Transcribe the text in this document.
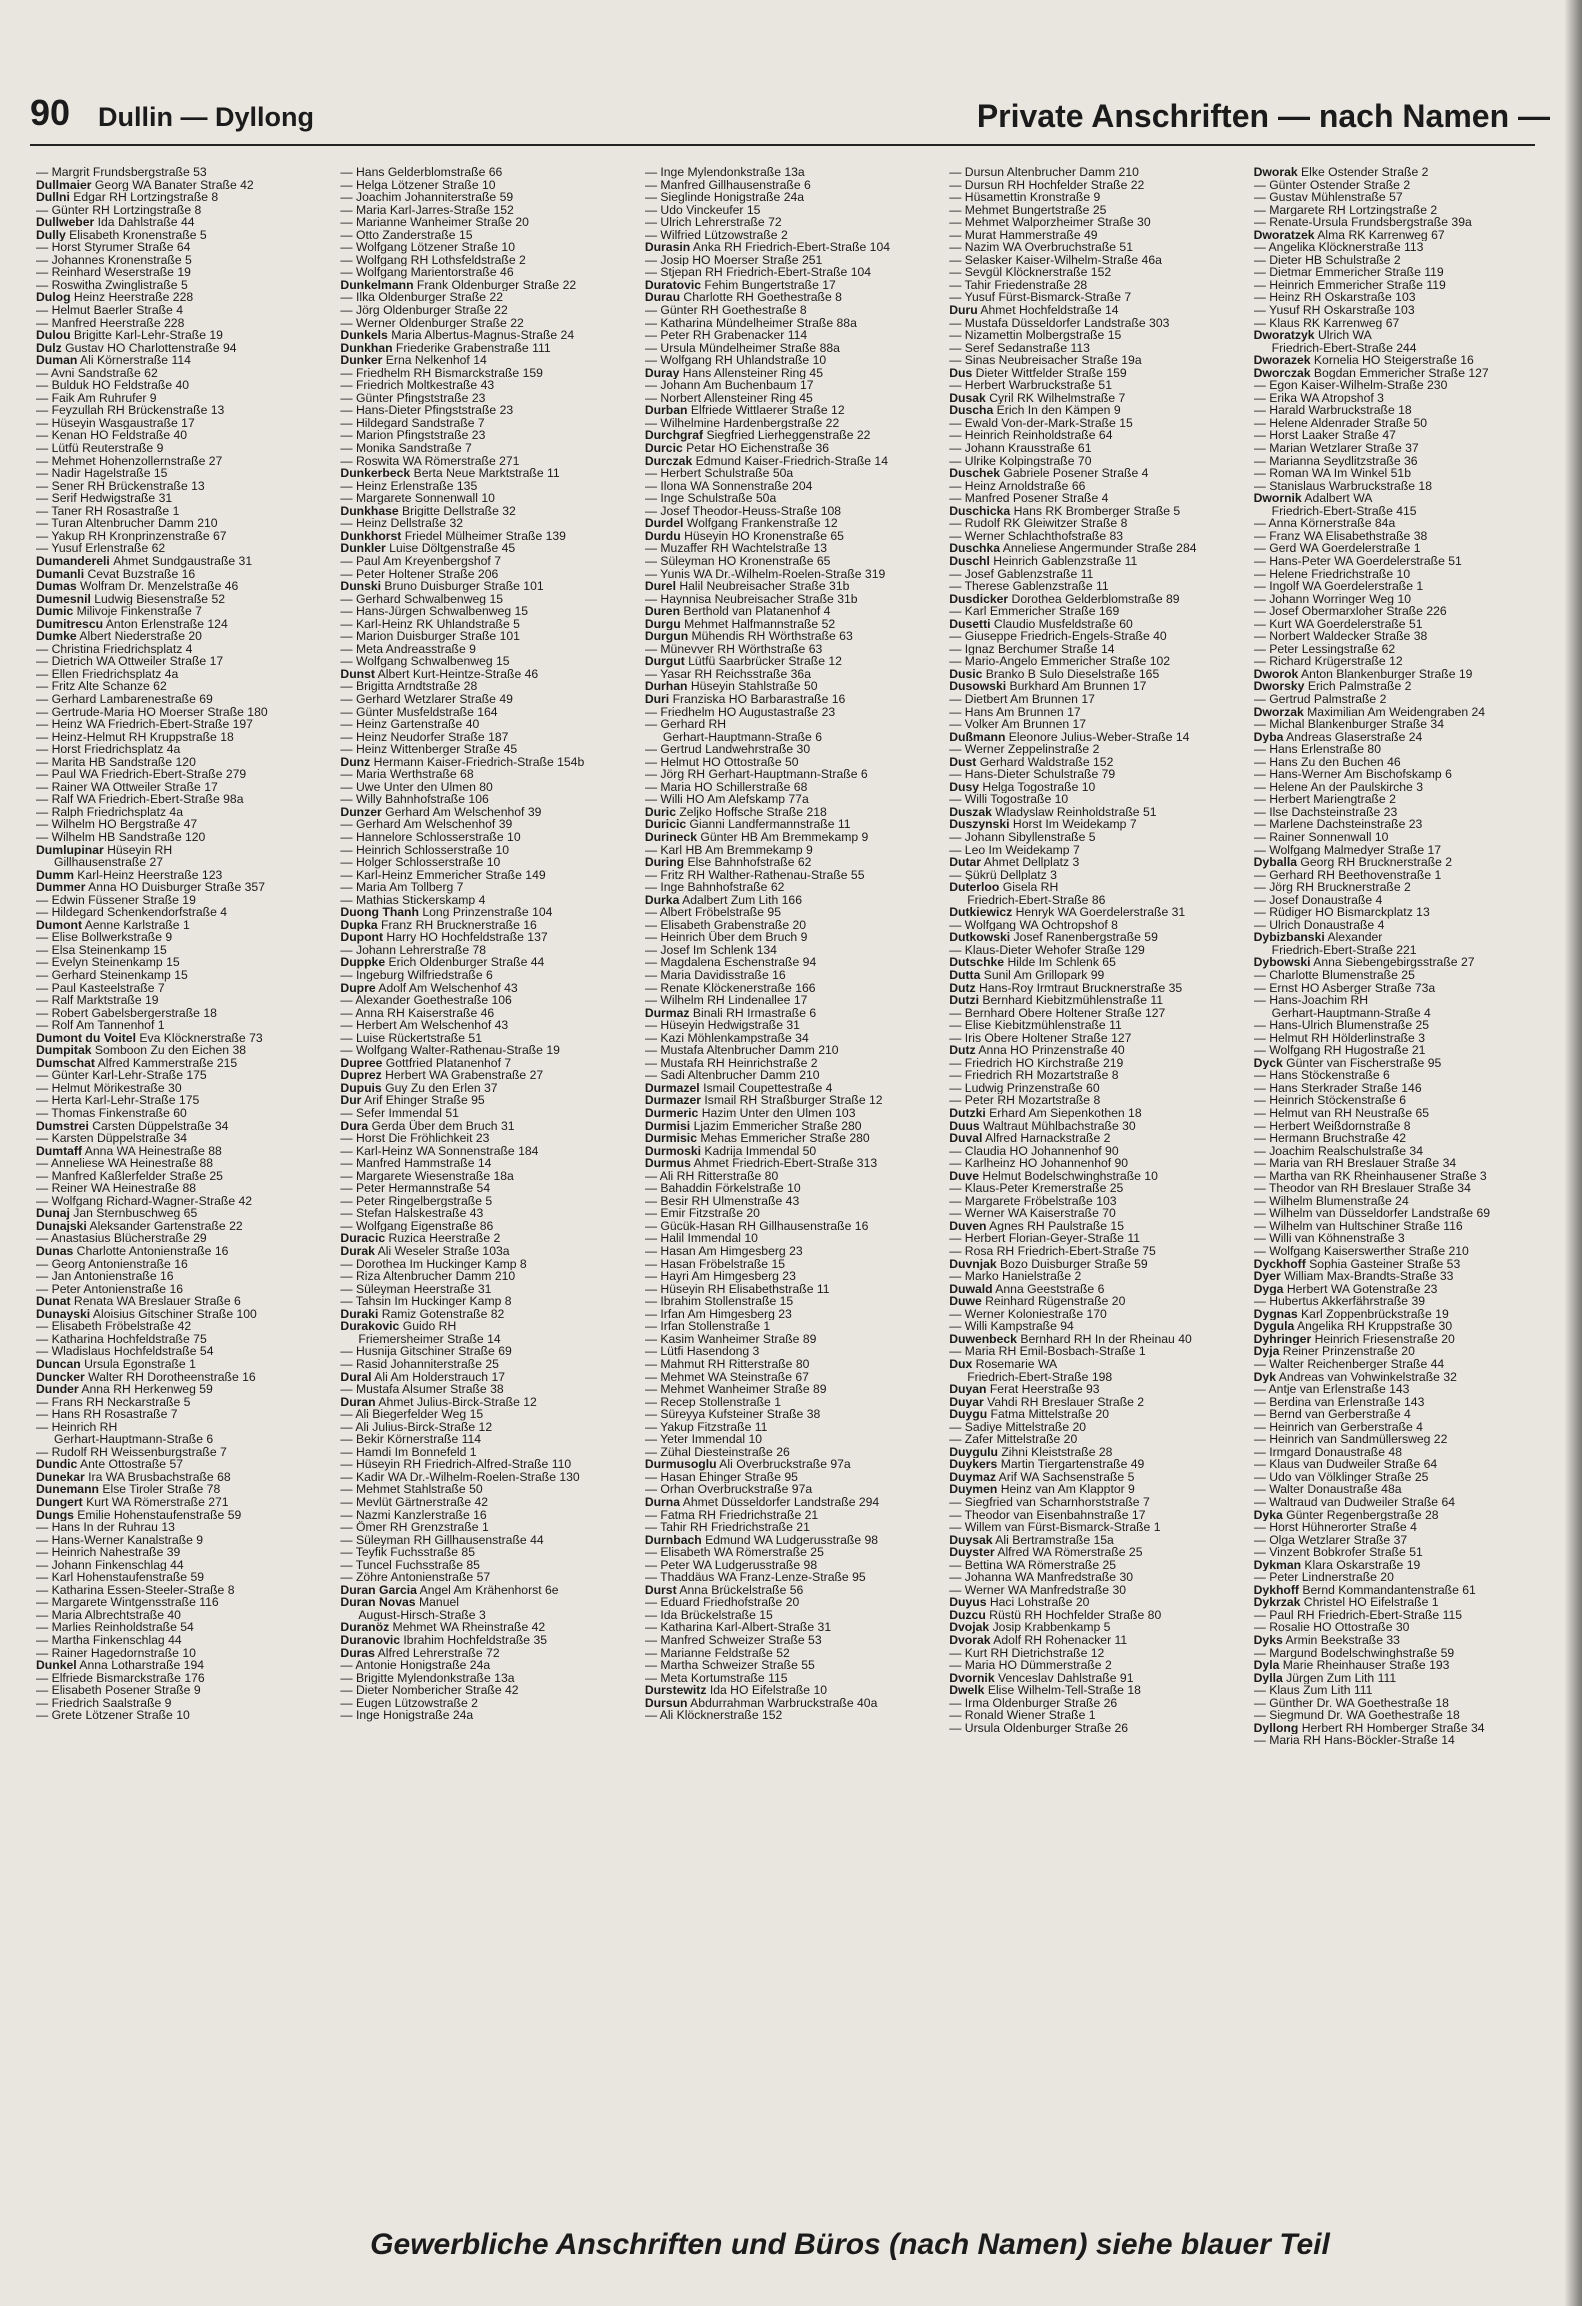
90 Dullin — Dyllong	Private Anschriften — nach Namen —
— Margrit Frundsbergstraße 53
Dullmaier Georg WA Banater Straße 42
Dullni Edgar RH Lortzingstraße 8
— Günter RH Lortzingstraße 8
Dullweber Ida Dahlstraße 44
Dully Elisabeth Kronenstraße 5
— Horst Styrumer Straße 64
— Johannes Kronenstraße 5
— Reinhard Weserstraße 19
— Roswitha Zwinglistraße 5
Dulog Heinz Heerstraße 228
— Helmut Baerler Straße 4
— Manfred Heerstraße 228
Dulou Brigitte Karl-Lehr-Straße 19
Dulz Gustav HO Charlottenstraße 94
Duman Ali Körnerstraße 114
— Avni Sandstraße 62
— Bulduk HO Feldstraße 40
— Faik Am Ruhrufer 9
— Feyzullah RH Brückenstraße 13
— Hüseyin Wasgaustraße 17
— Kenan HO Feldstraße 40
— Lütfü Reuterstraße 9
— Mehmet Hohenzollernstraße 27
— Nadir Hagelstraße 15
— Sener RH Brückenstraße 13
— Serif Hedwigstraße 31
— Taner RH Rosastraße 1
— Turan Altenbrucher Damm 210
— Yakup RH Kronprinzenstraße 67
— Yusuf Erlenstraße 62
Dumanderelі Ahmet Sundgaustraße 31
Dumanli Cevat Buzstraße 16
Dumas Wolfram Dr. Menzelstraße 46
Dumesnil Ludwig Biesenstraße 52
Dumic Milivoje Finkenstraße 7
Dumitrescu Anton Erlenstraße 124
Dumke Albert Niederstraße 20
— Christina Friedrichsplatz 4
— Dietrich WA Ottweiler Straße 17
— Ellen Friedrichsplatz 4a
— Fritz Alte Schanze 62
— Gerhard Lambarenestraße 69
— Gertrude-Maria HO Moerser Straße 180
— Heinz WA Friedrich-Ebert-Straße 197
— Heinz-Helmut RH Kruppstraße 18
— Horst Friedrichsplatz 4a
— Marita HB Sandstraße 120
— Paul WA Friedrich-Ebert-Straße 279
— Rainer WA Ottweiler Straße 17
— Ralf WA Friedrich-Ebert-Straße 98a
— Ralph Friedrichsplatz 4a
— Wilhelm HO Bergstraße 47
— Wilhelm HB Sandstraße 120
Dumlupinar Hüseyin RH
Gillhausenstraße 27
Dumm Karl-Heinz Heerstraße 123
Dummer Anna HO Duisburger Straße 357
— Edwin Füssener Straße 19
— Hildegard Schenkendorfstraße 4
Dumont Aenne Karlstraße 1
— Elise Bollwerkstraße 9
— Elsa Steinenkamp 15
— Evelyn Steinenkamp 15
— Gerhard Steinenkamp 15
— Paul Kasteelstraße 7
— Ralf Marktstraße 19
— Robert Gabelsbergerstraße 18
— Rolf Am Tannenhof 1
Dumont du Voitel Eva Klöcknerstraße 73
Dumpitak Somboon Zu den Eichen 38
Dumschat Alfred Kammerstraße 215
— Günter Karl-Lehr-Straße 175
— Helmut Mörikestraße 30
— Herta Karl-Lehr-Straße 175
— Thomas Finkenstraße 60
Dumstrei Carsten Düppelstraße 34
— Karsten Düppelstraße 34
Dumtaff Anna WA Heinestraße 88
— Anneliese WA Heinestraße 88
— Manfred Kaßlerfelder Straße 25
— Reiner WA Heinestraße 88
— Wolfgang Richard-Wagner-Straße 42
Dunaj Jan Sternbuschweg 65
Dunajski Aleksander Gartenstraße 22
— Anastasius Blücherstraße 29
Dunas Charlotte Antonienstraße 16
— Georg Antonienstraße 16
— Jan Antonienstraße 16
— Peter Antonienstraße 16
Dunat Renata WA Breslauer Straße 6
Dunayski Aloisius Gitschiner Straße 100
— Elisabeth Fröbelstraße 42
— Katharina Hochfeldstraße 75
— Wladislaus Hochfeldstraße 54
Duncan Ursula Egonstraße 1
Duncker Walter RH Dorotheenstraße 16
Dunder Anna RH Herkenweg 59
— Frans RH Neckarstraße 5
— Hans RH Rosastraße 7
— Heinrich RH
Gerhart-Hauptmann-Straße 6
— Rudolf RH Weissenburgstraße 7
Dundic Ante Ottostraße 57
Dunekar Ira WA Brusbachstraße 68
Dunemann Else Tiroler Straße 78
Dungert Kurt WA Römerstraße 271
Dungs Emilie Hohenstaufenstraße 59
— Hans In der Ruhrau 13
— Hans-Werner Kanalstraße 9
— Heinrich Nahestraße 39
— Johann Finkenschlag 44
— Karl Hohenstaufenstraße 59
— Katharina Essen-Steeler-Straße 8
— Margarete Wintgensstraße 116
— Maria Albrechtstraße 40
— Marlies Reinholdstraße 54
— Martha Finkenschlag 44
— Rainer Hagedornstraße 10
Dunkel Anna Lotharstraße 194
— Elfriede Bismarckstraße 176
— Elisabeth Posener Straße 9
— Friedrich Saalstraße 9
— Grete Lötzener Straße 10
— Hans Gelderblomstraße 66
— Helga Lötzener Straße 10
— Joachim Johanniterstraße 59
— Maria Karl-Jarres-Straße 152
— Marianne Wanheimer Straße 20
— Otto Zanderstraße 15
— Wolfgang Lötzener Straße 10
— Wolfgang RH Lothsfeldstraße 2
— Wolfgang Marientorstraße 46
Dunkelmann Frank Oldenburger Straße 22
— Ilka Oldenburger Straße 22
— Jörg Oldenburger Straße 22
— Werner Oldenburger Straße 22
Dunkels Maria Albertus-Magnus-Straße 24
Dunkhan Friederike Grabenstraße 111
Dunker Erna Nelkenhof 14
— Friedhelm RH Bismarckstraße 159
— Friedrich Moltkestraße 43
— Günter Pfingststraße 23
— Hans-Dieter Pfingststraße 23
— Hildegard Sandstraße 7
— Marion Pfingststraße 23
— Monika Sandstraße 7
— Roswita WA Römerstraße 271
Dunkerbeck Berta Neue Marktstraße 11
— Heinz Erlenstraße 135
— Margarete Sonnenwall 10
Dunkhase Brigitte Dellstraße 32
— Heinz Dellstraße 32
Dunkhorst Friedel Mülheimer Straße 139
Dunkler Luise Döltgenstraße 45
— Paul Am Kreyenbergshof 7
— Peter Holtener Straße 206
Dunski Bruno Duisburger Straße 101
— Gerhard Schwalbenweg 15
— Hans-Jürgen Schwalbenweg 15
— Karl-Heinz RK Uhlandstraße 5
— Marion Duisburger Straße 101
— Meta Andreasstraße 9
— Wolfgang Schwalbenweg 15
Dunst Albert Kurt-Heintze-Straße 46
— Brigitta Arndtstraße 28
— Gerhard Wetzlarer Straße 49
— Günter Musfeldstraße 164
— Heinz Gartenstraße 40
— Heinz Neudorfer Straße 187
— Heinz Wittenberger Straße 45
Dunz Hermann Kaiser-Friedrich-Straße 154b
— Maria Werthstraße 68
— Uwe Unter den Ulmen 80
— Willy Bahnhofstraße 106
Dunzer Gerhard Am Welschenhof 39
— Gerhard Am Welschenhof 39
— Hannelore Schlosserstraße 10
— Heinrich Schlosserstraße 10
— Holger Schlosserstraße 10
— Karl-Heinz Emmericher Straße 149
— Maria Am Tollberg 7
— Mathias Stickerskamp 4
Duong Thanh Long Prinzenstraße 104
Dupka Franz RH Brucknerstraße 16
Dupont Harry HO Hochfeldstraße 137
— Johann Lehrerstraße 78
Duppke Erich Oldenburger Straße 44
— Ingeburg Wilfriedstraße 6
Dupre Adolf Am Welschenhof 43
— Alexander Goethestraße 106
— Anna RH Kaiserstraße 46
— Herbert Am Welschenhof 43
— Luise Rückertstraße 51
— Wolfgang Walter-Rathenau-Straße 19
Dupree Gottfried Platanenhof 7
Duprez Herbert WA Grabenstraße 27
Dupuis Guy Zu den Erlen 37
Dur Arif Ehinger Straße 95
— Sefer Immendal 51
Dura Gerda Über dem Bruch 31
— Horst Die Fröhlichkeit 23
— Karl-Heinz WA Sonnenstraße 184
— Manfred Hammstraße 14
— Margarete Wiesenstraße 18a
— Peter Hermannstraße 54
— Peter Ringelbergstraße 5
— Stefan Halskestraße 43
— Wolfgang Eigenstraße 86
Duracic Ruzica Heerstraße 2
Durak Ali Weseler Straße 103a
— Dorothea Im Huckinger Kamp 8
— Riza Altenbrucher Damm 210
— Süleyman Heerstraße 31
— Tahsin Im Huckinger Kamp 8
Duraki Ramiz Gotenstraße 82
Durakovic Guido RH
Friemersheimer Straße 14
— Husnija Gitschiner Straße 69
— Rasid Johanniterstraße 25
Dural Ali Am Holderstrauch 17
— Mustafa Alsumer Straße 38
Duran Ahmet Julius-Birck-Straße 12
— Ali Biegerfelder Weg 15
— Ali Julius-Birck-Straße 12
— Bekir Körnerstraße 114
— Hamdi Im Bonnefeld 1
— Hüseyin RH Friedrich-Alfred-Straße 110
— Kadir WA Dr.-Wilhelm-Roelen-Straße 130
— Mehmet Stahlstraße 50
— Mevlüt Gärtnerstraße 42
— Nazmi Kanzlerstraße 16
— Ömer RH Grenzstraße 1
— Süleyman RH Gillhausenstraße 44
— Teyfik Fuchsstraße 85
— Tuncel Fuchsstraße 85
— Zöhre Antonienstraße 57
Duran Garcia Angel Am Krähenhorst 6e
Duran Novas Manuel
August-Hirsch-Straße 3
Duranöz Mehmet WA Rheinstraße 42
Duranovic Ibrahim Hochfeldstraße 35
Duras Alfred Lehrerstraße 72
— Antonie Honigstraße 24a
— Brigitte Mylendonkstraße 13a
— Dieter Nombericher Straße 42
— Eugen Lützowstraße 2
— Inge Honigstraße 24a
— Inge Mylendonkstraße 13a
— Manfred Gillhausenstraße 6
— Sieglinde Honigstraße 24a
— Udo Vinckeufer 15
— Ulrich Lehrerstraße 72
— Wilfried Lützowstraße 2
Durasin Anka RH Friedrich-Ebert-Straße 104
— Josip HO Moerser Straße 251
— Stjepan RH Friedrich-Ebert-Straße 104
Duratovic Fehim Bungertstraße 17
Durau Charlotte RH Goethestraße 8
— Günter RH Goethestraße 8
— Katharina Mündelheimer Straße 88a
— Peter RH Grabenacker 114
— Ursula Mündelheimer Straße 88a
— Wolfgang RH Uhlandstraße 10
Duray Hans Allensteiner Ring 45
— Johann Am Buchenbaum 17
— Norbert Allensteiner Ring 45
Durban Elfriede Wittlaerer Straße 12
— Wilhelmine Hardenbergstraße 22
Durchgraf Siegfried Lierheggenstraße 22
Durcic Petar HO Eichenstraße 36
Durczak Edmund Kaiser-Friedrich-Straße 14
— Herbert Schulstraße 50a
— Ilona WA Sonnenstraße 204
— Inge Schulstraße 50a
— Josef Theodor-Heuss-Straße 108
Durdel Wolfgang Frankenstraße 12
Durdu Hüseyin HO Kronenstraße 65
— Muzaffer RH Wachtelstraße 13
— Süleyman HO Kronenstraße 65
— Yunis WA Dr.-Wilhelm-Roelen-Straße 319
Durel Halil Neubreisacher Straße 31b
— Haynnisa Neubreisacher Straße 31b
Duren Berthold van Platanenhof 4
Durgu Mehmet Halfmannstraße 52
Durgun Mühendis RH Wörthstraße 63
— Münevver RH Wörthstraße 63
Durgut Lütfü Saarbrücker Straße 12
— Yasar RH Reichsstraße 36a
Durhan Hüseyin Stahlstraße 50
Duri Franziska HO Barbarastraße 16
— Friedhelm HO Augustastraße 23
— Gerhard RH
Gerhart-Hauptmann-Straße 6
— Gertrud Landwehrstraße 30
— Helmut HO Ottostraße 50
— Jörg RH Gerhart-Hauptmann-Straße 6
— Maria HO Schillerstraße 68
— Willi HO Am Alefskamp 77a
Duric Zeljko Hoffsche Straße 218
Duricic Gianni Landfermannstraße 11
Durineck Günter HB Am Bremmekamp 9
— Karl HB Am Bremmekamp 9
During Else Bahnhofstraße 62
— Fritz RH Walther-Rathenau-Straße 55
— Inge Bahnhofstraße 62
Durka Adalbert Zum Lith 166
— Albert Fröbelstraße 95
— Elisabeth Grabenstraße 20
— Heinrich Über dem Bruch 9
— Josef Im Schlenk 134
— Magdalena Eschenstraße 94
— Maria Davidisstraße 16
— Renate Klöckenerstraße 166
— Wilhelm RH Lindenallee 17
Durmaz Binali RH Irmastraße 6
— Hüseyin Hedwigstraße 31
— Kazi Möhlenkampstraße 34
— Mustafa Altenbrucher Damm 210
— Mustafa RH Heinrichstraße 2
— Sadi Altenbrucher Damm 210
Durmazel Ismail Coupettestraße 4
Durmazer Ismail RH Straßburger Straße 12
Durmeric Hazim Unter den Ulmen 103
Durmisi Ljazim Emmericher Straße 280
Durmisic Mehas Emmericher Straße 280
Durmoski Kadrija Immendal 50
Durmus Ahmet Friedrich-Ebert-Straße 313
— Ali RH Ritterstraße 80
— Bahaddin Förkelstraße 10
— Besir RH Ulmenstraße 43
— Emir Fitzstraße 20
— Gücük-Hasan RH Gillhausenstraße 16
— Halil Immendal 10
— Hasan Am Himgesberg 23
— Hasan Fröbelstraße 15
— Hayri Am Himgesberg 23
— Hüseyin RH Elisabethstraße 11
— Ibrahim Stollenstraße 15
— Irfan Am Himgesberg 23
— Irfan Stollenstraße 1
— Kasim Wanheimer Straße 89
— Lütfi Hasendong 3
— Mahmut RH Ritterstraße 80
— Mehmet WA Steinstraße 67
— Mehmet Wanheimer Straße 89
— Recep Stollenstraße 1
— Süreyya Kufsteiner Straße 38
— Yakup Fitzstraße 11
— Yeter Immendal 10
— Zühal Diesteinstraße 26
Durmusoglu Ali Overbruckstraße 97a
— Hasan Ehinger Straße 95
— Orhan Overbruckstraße 97a
Durna Ahmet Düsseldorfer Landstraße 294
— Fatma RH Friedrichstraße 21
— Tahir RH Friedrichstraße 21
Durnbach Edmund WA Ludgerusstraße 98
— Elisabeth WA Römerstraße 25
— Peter WA Ludgerusstraße 98
— Thaddäus WA Franz-Lenze-Straße 95
Durst Anna Brückelstraße 56
— Eduard Friedhofstraße 20
— Ida Brückelstraße 15
— Katharina Karl-Albert-Straße 31
— Manfred Schweizer Straße 53
— Marianne Feldstraße 52
— Martha Schweizer Straße 55
— Meta Kortumstraße 115
Durstewitz Ida HO Eifelstraße 10
Dursun Abdurrahman Warbruckstraße 40a
— Ali Klöcknerstraße 152
— Dursun Altenbrucher Damm 210
— Dursun RH Hochfelder Straße 22
— Hüsamettin Kronstraße 9
— Mehmet Bungertstraße 25
— Mehmet Walporzheimer Straße 30
— Murat Hammerstraße 49
— Nazim WA Overbruchstraße 51
— Selasker Kaiser-Wilhelm-Straße 46a
— Sevgül Klöcknerstraße 152
— Tahir Friedenstraße 28
— Yusuf Fürst-Bismarck-Straße 7
Duru Ahmet Hochfeldstraße 14
— Mustafa Düsseldorfer Landstraße 303
— Nizamettin Molbergstraße 15
— Seref Sedanstraße 113
— Sinas Neubreisacher Straße 19a
Dus Dieter Wittfelder Straße 159
— Herbert Warbruckstraße 51
Dusak Cyril RK Wilhelmstraße 7
Duscha Erich In den Kämpen 9
— Ewald Von-der-Mark-Straße 15
— Heinrich Reinholdstraße 64
— Johann Krausstraße 61
— Ulrike Kolpingstraße 70
Duschek Gabriele Posener Straße 4
— Heinz Arnoldstraße 66
— Manfred Posener Straße 4
Duschicka Hans RK Bromberger Straße 5
— Rudolf RK Gleiwitzer Straße 8
— Werner Schlachthofstraße 83
Duschka Anneliese Angermunder Straße 284
Duschl Heinrich Gablenzstraße 11
— Josef Gablenzstraße 11
— Therese Gablenzstraße 11
Dusdicker Dorothea Gelderblomstraße 89
— Karl Emmericher Straße 169
Dusetti Claudio Musfeldstraße 60
— Giuseppe Friedrich-Engels-Straße 40
— Ignaz Berchumer Straße 14
— Mario-Angelo Emmericher Straße 102
Dusic Branko B Sulo Dieselstraße 165
Dusowski Burkhard Am Brunnen 17
— Dietbert Am Brunnen 17
— Hans Am Brunnen 17
— Volker Am Brunnen 17
Dußmann Eleonore Julius-Weber-Straße 14
— Werner Zeppelinstraße 2
Dust Gerhard Waldstraße 152
— Hans-Dieter Schulstraße 79
Dusy Helga Togostraße 10
— Willi Togostraße 10
Duszak Wladyslaw Reinholdstraße 51
Duszynski Horst Im Weidekamp 7
— Johann Sibyllenstraße 5
— Leo Im Weidekamp 7
Dutar Ahmet Dellplatz 3
— Şükrü Dellplatz 3
Duterloo Gisela RH
Friedrich-Ebert-Straße 86
Dutkiewicz Henryk WA Goerdelerstraße 31
— Wolfgang WA Ochtropshof 8
Dutkowski Josef Ranenbergstraße 59
— Klaus-Dieter Wehofer Straße 129
Dutschke Hilde Im Schlenk 65
Dutta Sunil Am Grillopark 99
Dutz Hans-Roy Irmtraut Brucknerstraße 35
Dutzi Bernhard Kiebitzmühlenstraße 11
— Bernhard Obere Holtener Straße 127
— Elise Kiebitzmühlenstraße 11
— Iris Obere Holtener Straße 127
Dutz Anna HO Prinzenstraße 40
— Friedrich HO Kirchstraße 219
— Friedrich RH Mozartstraße 8
— Ludwig Prinzenstraße 60
— Peter RH Mozartstraße 8
Dutzki Erhard Am Siepenkothen 18
Duus Waltraut Mühlbachstraße 30
Duval Alfred Harnackstraße 2
— Claudia HO Johannenhof 90
— Karlheinz HO Johannenhof 90
Duve Helmut Bodelschwinghstraße 10
— Klaus-Peter Kremerstraße 25
— Margarete Fröbelstraße 103
— Werner WA Kaiserstraße 70
Duven Agnes RH Paulstraße 15
— Herbert Florian-Geyer-Straße 11
— Rosa RH Friedrich-Ebert-Straße 75
Duvnjak Bozo Duisburger Straße 59
— Marko Hanielstraße 2
Duwald Anna Geeststraße 6
Duwe Reinhard Rügenstraße 20
— Werner Koloniestraße 170
— Willi Kampstraße 94
Duwenbeck Bernhard RH In der Rheinau 40
— Maria RH Emil-Bosbach-Straße 1
Dux Rosemarie WA
Friedrich-Ebert-Straße 198
Duyan Ferat Heerstraße 93
Duyar Vahdi RH Breslauer Straße 2
Duygu Fatma Mittelstraße 20
— Sadiye Mittelstraße 20
— Zafer Mittelstraße 20
Duygulu Zihni Kleiststraße 28
Duykers Martin Tiergartenstraße 49
Duymaz Arif WA Sachsenstraße 5
Duymen Heinz van Am Klapptor 9
— Siegfried van Scharnhorststraße 7
— Theodor van Eisenbahnstraße 17
— Willem van Fürst-Bismarck-Straße 1
Duysak Ali Bertramstraße 15a
Duyster Alfred WA Römerstraße 25
— Bettina WA Römerstraße 25
— Johanna WA Manfredstraße 30
— Werner WA Manfredstraße 30
Duyus Haci Lohstraße 20
Duzcu Rüstü RH Hochfelder Straße 80
Dvojak Josip Krabbenkamp 5
Dvorak Adolf RH Rohenacker 11
— Kurt RH Dietrichstraße 12
— Maria HO Dümmerstraße 2
Dvornik Venceslav Dahlstraße 91
Dwelk Elise Wilhelm-Tell-Straße 18
— Irma Oldenburger Straße 26
— Ronald Wiener Straße 1
— Ursula Oldenburger Straße 26
Dworak Elke Ostender Straße 2
— Günter Ostender Straße 2
— Gustav Mühlenstraße 57
— Margarete RH Lortzingstraße 2
— Renate-Ursula Frundsbergstraße 39a
Dworatzek Alma RK Karrenweg 67
— Angelika Klöcknerstraße 113
— Dieter HB Schulstraße 2
— Dietmar Emmericher Straße 119
— Heinrich Emmericher Straße 119
— Heinz RH Oskarstraße 103
— Yusuf RH Oskarstraße 103
— Klaus RK Karrenweg 67
Dworatzyk Ulrich WA
Friedrich-Ebert-Straße 244
Dworazek Kornelia HO Steigerstraße 16
Dworczak Bogdan Emmericher Straße 127
— Egon Kaiser-Wilhelm-Straße 230
— Erika WA Atropshof 3
— Harald Warbruckstraße 18
— Helene Aldenrader Straße 50
— Horst Laaker Straße 47
— Marian Wetzlarer Straße 37
— Marianna Seydlitzstraße 36
— Roman WA Im Winkel 51b
— Stanislaus Warbruckstraße 18
Dwornik Adalbert WA
Friedrich-Ebert-Straße 415
— Anna Körnerstraße 84a
— Franz WA Elisabethstraße 38
— Gerd WA Goerdelerstraße 1
— Hans-Peter WA Goerdelerstraße 51
— Helene Friedrichstraße 10
— Ingolf WA Goerdelerstraße 1
— Johann Worringer Weg 10
— Josef Obermarxloher Straße 226
— Kurt WA Goerdelerstraße 51
— Norbert Waldecker Straße 38
— Peter Lessingstraße 62
— Richard Krügerstraße 12
Dworok Anton Blankenburger Straße 19
Dworsky Erich Palmstraße 2
— Gertrud Palmstraße 2
Dworzak Maximilian Am Weidengraben 24
— Michal Blankenburger Straße 34
Dyba Andreas Glaserstraße 24
— Hans Erlenstraße 80
— Hans Zu den Buchen 46
— Hans-Werner Am Bischofskamp 6
— Helene An der Paulskirche 3
— Herbert Mariengtraße 2
— Ilse Dachsteinstraße 23
— Marlene Dachsteinstraße 23
— Rainer Sonnenwall 10
— Wolfgang Malmedyer Straße 17
Dyballa Georg RH Brucknerstraße 2
— Gerhard RH Beethovenstraße 1
— Jörg RH Brucknerstraße 2
— Josef Donaustraße 4
— Rüdiger HO Bismarckplatz 13
— Ulrich Donaustraße 4
Dybizbanski Alexander
Friedrich-Ebert-Straße 221
Dybowski Anna Siebengebirgsstraße 27
— Charlotte Blumenstraße 25
— Ernst HO Asberger Straße 73a
— Hans-Joachim RH
Gerhart-Hauptmann-Straße 4
— Hans-Ulrich Blumenstraße 25
— Helmut RH Hölderlinstraße 3
— Wolfgang RH Hugostraße 21
Dyck Günter van Fischerstraße 95
— Hans Stöckenstraße 6
— Hans Sterkrader Straße 146
— Heinrich Stöckenstraße 6
— Helmut van RH Neustraße 65
— Herbert Weißdornstraße 8
— Hermann Bruchstraße 42
— Joachim Realschulstraße 34
— Maria van RH Breslauer Straße 34
— Martha van RK Rheinhausener Straße 3
— Theodor van RH Breslauer Straße 34
— Wilhelm Blumenstraße 24
— Wilhelm van Düsseldorfer Landstraße 69
— Wilhelm van Hultschiner Straße 116
— Willi van Köhnenstraße 3
— Wolfgang Kaiserswerther Straße 210
Dyckhoff Sophia Gasteiner Straße 53
Dyer William Max-Brandts-Straße 33
Dyga Herbert WA Gotenstraße 23
— Hubertus Akkerfährstraße 39
Dygnas Karl Zoppenbrückstraße 19
Dygula Angelika RH Kruppstraße 30
Dyhringer Heinrich Friesenstraße 20
Dyja Reiner Prinzenstraße 20
— Walter Reichenberger Straße 44
Dyk Andreas van Vohwinkelstraße 32
— Antje van Erlenstraße 143
— Berdina van Erlenstraße 143
— Bernd van Gerberstraße 4
— Heinrich van Gerberstraße 4
— Heinrich van Sandmüllersweg 22
— Irmgard Donaustraße 48
— Klaus van Dudweiler Straße 64
— Udo van Völklinger Straße 25
— Walter Donaustraße 48a
— Waltraud van Dudweiler Straße 64
Dyka Günter Regenbergstraße 28
— Horst Hühnerorter Straße 4
— Olga Wetzlarer Straße 37
— Vinzent Bobkrofer Straße 51
Dykman Klara Oskarstraße 19
— Peter Lindnerstraße 20
Dykhoff Bernd Kommandantenstraße 61
Dykrzak Christel HO Eifelstraße 1
— Paul RH Friedrich-Ebert-Straße 115
— Rosalie HO Ottostraße 30
Dyks Armin Beekstraße 33
— Margund Bodelschwinghstraße 59
Dyla Marie Rheinhauser Straße 193
Dylla Jürgen Zum Lith 111
— Klaus Zum Lith 111
— Günther Dr. WA Goethestraße 18
— Siegmund Dr. WA Goethestraße 18
Dyllong Herbert RH Homberger Straße 34
— Maria RH Hans-Böckler-Straße 14
Gewerbliche Anschriften und Büros (nach Namen) siehe blauer Teil
